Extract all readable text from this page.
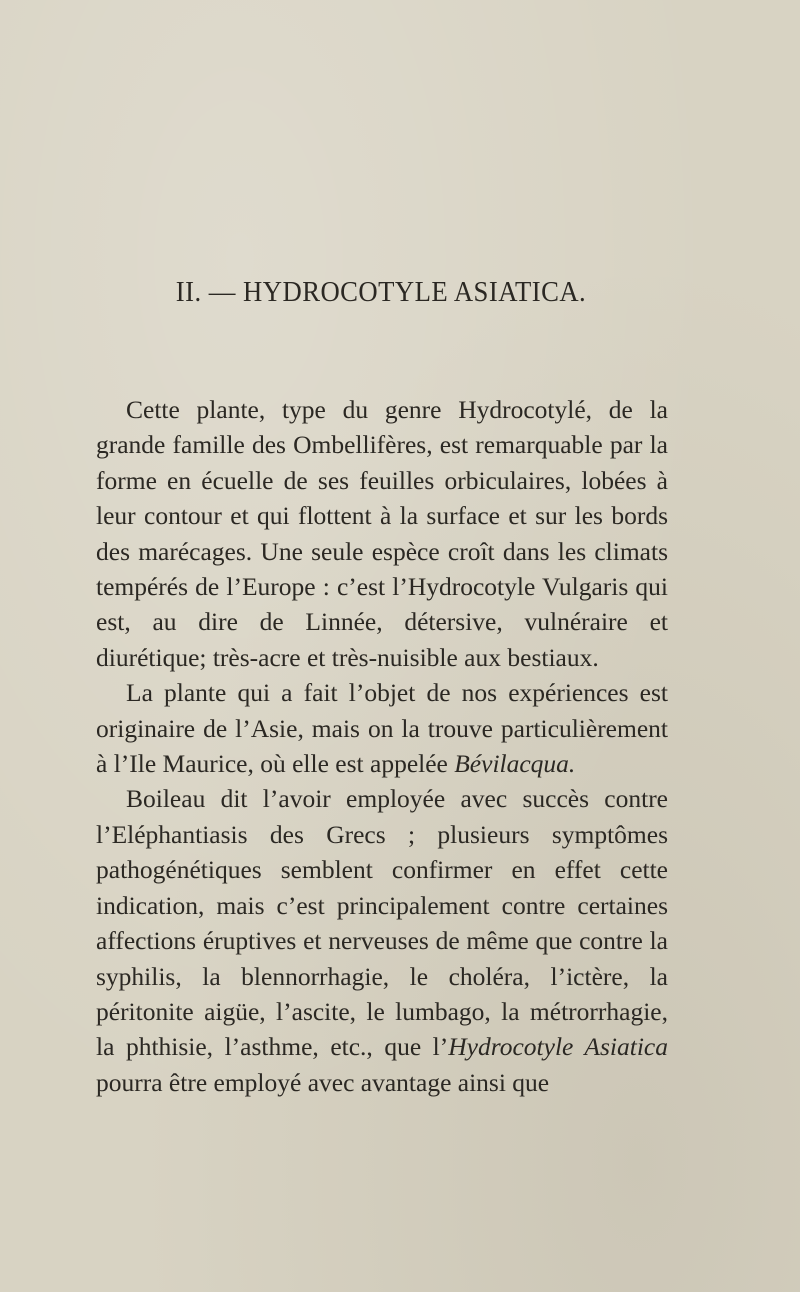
II. — HYDROCOTYLE ASIATICA.

Cette plante, type du genre Hydrocotylé, de la grande famille des Ombellifères, est remarquable par la forme en écuelle de ses feuilles orbiculaires, lobées à leur contour et qui flottent à la surface et sur les bords des marécages. Une seule espèce croît dans les climats tempérés de l’Europe : c’est l’Hydrocotyle Vulgaris qui est, au dire de Linnée, détersive, vulnéraire et diurétique; très-acre et très-nuisible aux bestiaux.

La plante qui a fait l’objet de nos expériences est originaire de l’Asie, mais on la trouve particulièrement à l’Ile Maurice, où elle est appelée Bévilacqua.

Boileau dit l’avoir employée avec succès contre l’Eléphantiasis des Grecs ; plusieurs symptômes pathogénétiques semblent confirmer en effet cette indication, mais c’est principalement contre certaines affections éruptives et nerveuses de même que contre la syphilis, la blennorrhagie, le choléra, l’ictère, la péritonite aigüe, l’ascite, le lumbago, la métrorrhagie, la phthisie, l’asthme, etc., que l’Hydrocotyle Asiatica pourra être employé avec avantage ainsi que
